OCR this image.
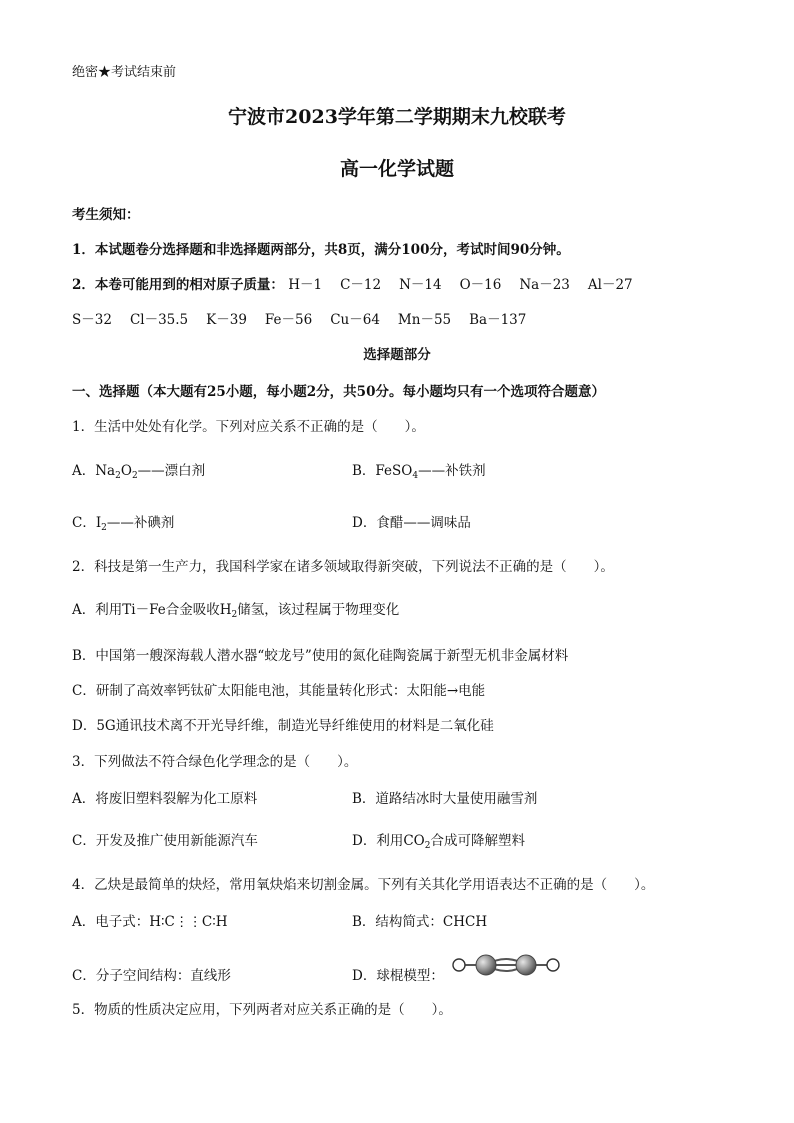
绝密★考试结束前
宁波市2023学年第二学期期末九校联考
高一化学试题
考生须知：
1．本试题卷分选择题和非选择题两部分，共8页，满分100分，考试时间90分钟。
2．本卷可能用到的相对原子质量： H－1 C－12 N－14 O－16 Na－23 Al－27
S－32 Cl－35.5 K－39 Fe－56 Cu－64 Mn－55 Ba－137
选择题部分
一、选择题（本大题有25小题，每小题2分，共50分。每小题均只有一个选项符合题意）
1．生活中处处有化学。下列对应关系不正确的是（　　）。
A．$Na_2O_2——$漂白剂	B．FeSO$_4$——补铁剂
C．$I_2——$补碘剂	D．食醋——调味品
2．科技是第一生产力，我国科学家在诸多领域取得新突破，下列说法不正确的是（　　）。
A．利用Ti－Fe合金吸收$H_2$储氢，该过程属于物理变化
B．中国第一艘深海载人潜水器“蛟龙号”使用的氮化硅陶瓷属于新型无机非金属材料
C．研制了高效率钙钛矿太阳能电池，其能量转化形式：太阳能→电能
D．5G通讯技术离不开光导纤维，制造光导纤维使用的材料是二氧化硅
3．下列做法不符合绿色化学理念的是（　　）。
A．将废旧塑料裂解为化工原料	B．道路结冰时大量使用融雪剂
C．开发及推广使用新能源汽车	D．利用$CO_2$合成可降解塑料
4．乙炔是最简单的炔烃，常用氧炔焰来切割金属。下列有关其化学用语表达不正确的是（　　）。
A．电子式：H∶C⋮⋮C∶H	B．结构简式：CHCH
C．分子空间结构：直线形	D．球棍模型：
5．物质的性质决定应用，下列两者对应关系正确的是（　　）。
